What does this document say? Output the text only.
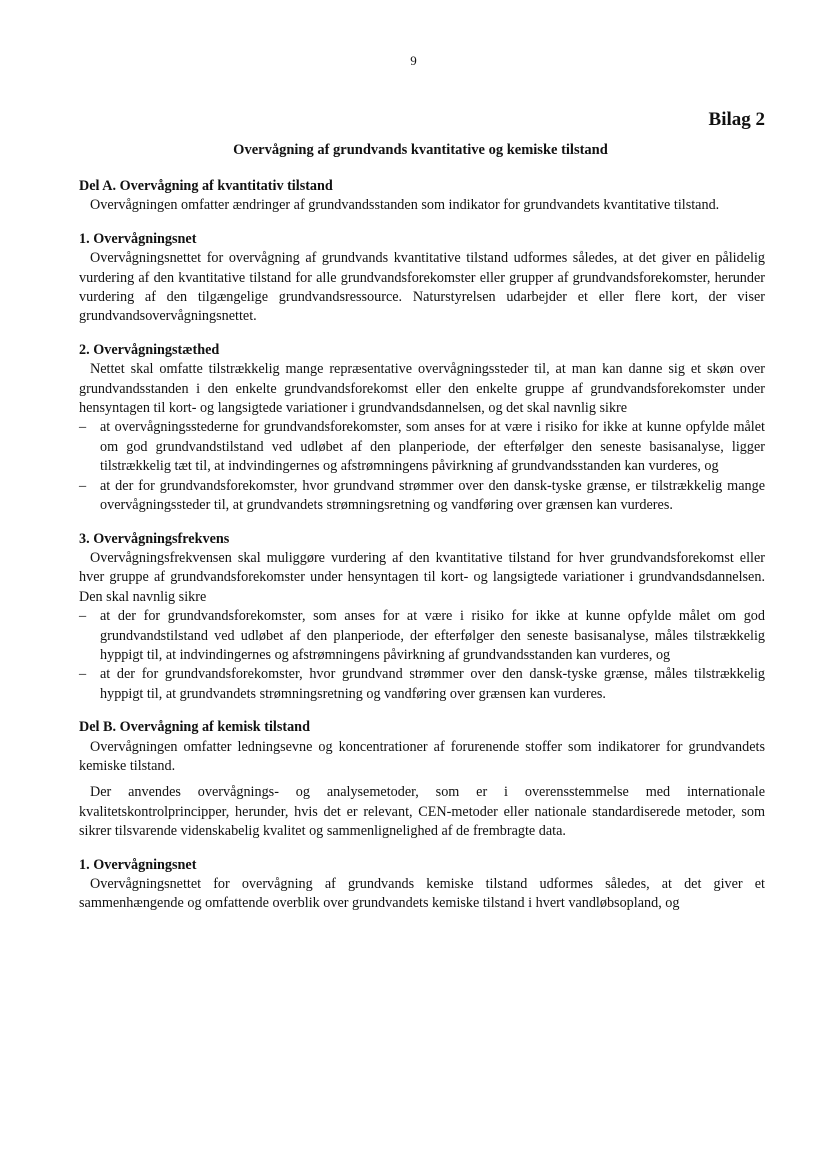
9
Bilag 2
Overvågning af grundvands kvantitative og kemiske tilstand

Del A. Overvågning af kvantitativ tilstand

Overvågningen omfatter ændringer af grundvandsstanden som indikator for grundvandets kvantitative tilstand.

1. Overvågningsnet

Overvågningsnettet for overvågning af grundvands kvantitative tilstand udformes således, at det giver en pålidelig vurdering af den kvantitative tilstand for alle grundvandsforekomster eller grupper af grundvandsforekomster, herunder vurdering af den tilgængelige grundvandsressource. Naturstyrelsen udarbejder et eller flere kort, der viser grundvandsovervågningsnettet.

2. Overvågningstæthed

Nettet skal omfatte tilstrækkelig mange repræsentative overvågningssteder til, at man kan danne sig et skøn over grundvandsstanden i den enkelte grundvandsforekomst eller den enkelte gruppe af grundvandsforekomster under hensyntagen til kort- og langsigtede variationer i grundvandsdannelsen, og det skal navnlig sikre

– at overvågningsstederne for grundvandsforekomster, som anses for at være i risiko for ikke at kunne opfylde målet om god grundvandstilstand ved udløbet af den planperiode, der efterfølger den seneste basisanalyse, ligger tilstrækkelig tæt til, at indvindingernes og afstrømningens påvirkning af grundvandsstanden kan vurderes, og
– at der for grundvandsforekomster, hvor grundvand strømmer over den dansk-tyske grænse, er tilstrækkelig mange overvågningssteder til, at grundvandets strømningsretning og vandføring over grænsen kan vurderes.

3. Overvågningsfrekvens

Overvågningsfrekvensen skal muliggøre vurdering af den kvantitative tilstand for hver grundvandsforekomst eller hver gruppe af grundvandsforekomster under hensyntagen til kort- og langsigtede variationer i grundvandsdannelsen. Den skal navnlig sikre

– at der for grundvandsforekomster, som anses for at være i risiko for ikke at kunne opfylde målet om god grundvandstilstand ved udløbet af den planperiode, der efterfølger den seneste basisanalyse, måles tilstrækkelig hyppigt til, at indvindingernes og afstrømningens påvirkning af grundvandsstanden kan vurderes, og
– at der for grundvandsforekomster, hvor grundvand strømmer over den dansk-tyske grænse, måles tilstrækkelig hyppigt til, at grundvandets strømningsretning og vandføring over grænsen kan vurderes.

Del B. Overvågning af kemisk tilstand

Overvågningen omfatter ledningsevne og koncentrationer af forurenende stoffer som indikatorer for grundvandets kemiske tilstand.

Der anvendes overvågnings- og analysemetoder, som er i overensstemmelse med internationale kvalitetskontrolprincipper, herunder, hvis det er relevant, CEN-metoder eller nationale standardiserede metoder, som sikrer tilsvarende videnskabelig kvalitet og sammenlignelighed af de frembragte data.

1. Overvågningsnet

Overvågningsnettet for overvågning af grundvands kemiske tilstand udformes således, at det giver et sammenhængende og omfattende overblik over grundvandets kemiske tilstand i hvert vandløbsopland, og
